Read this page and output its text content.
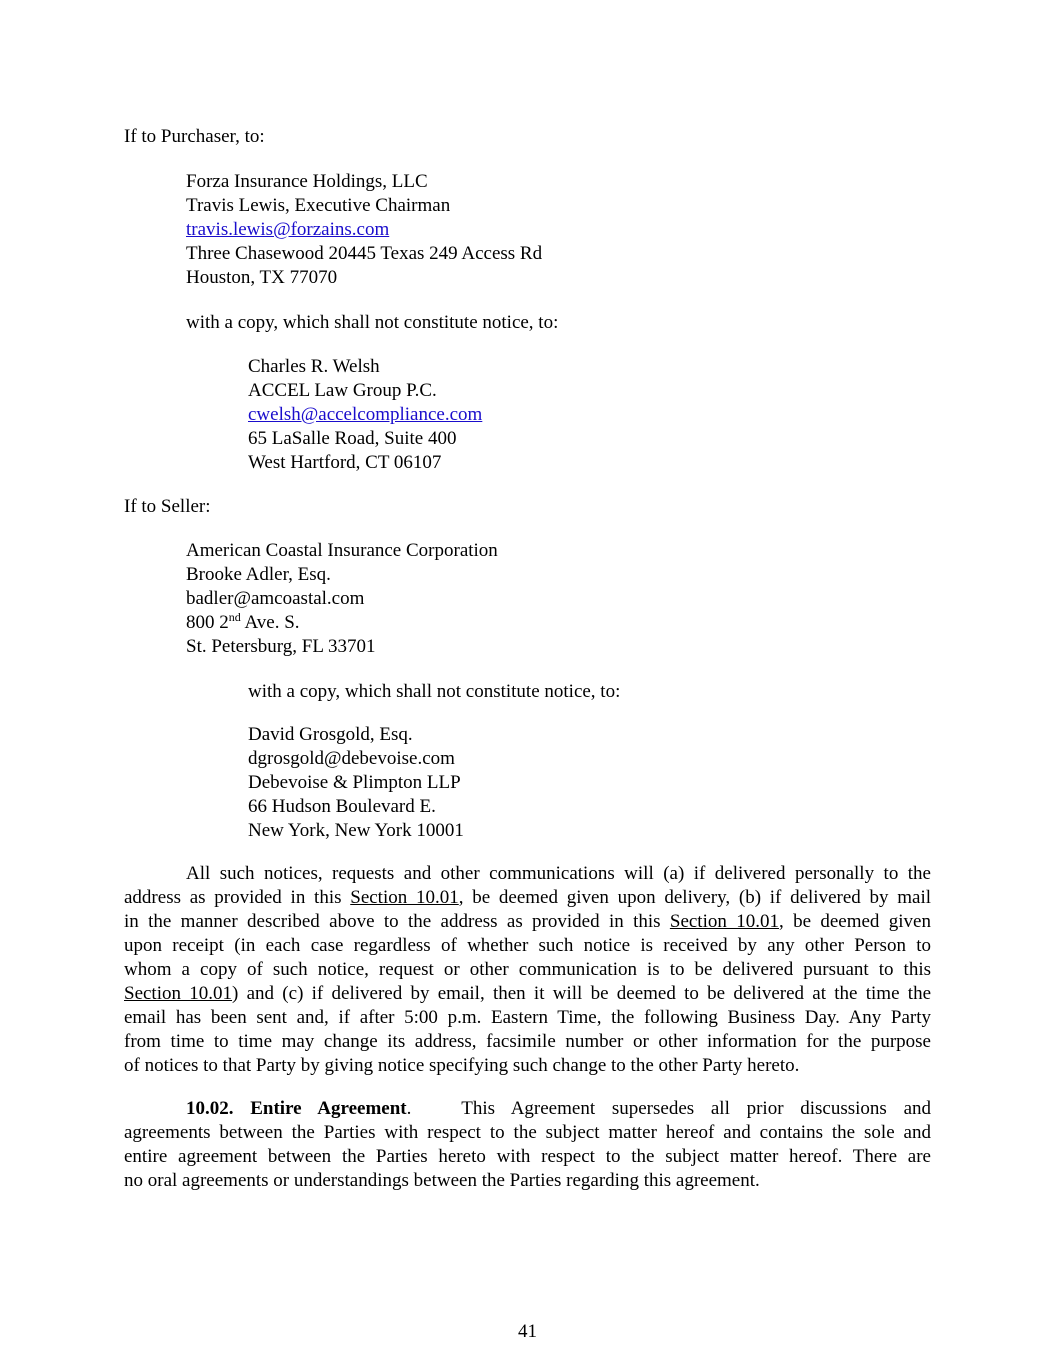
If to Purchaser, to:
Forza Insurance Holdings, LLC
Travis Lewis, Executive Chairman
travis.lewis@forzains.com
Three Chasewood 20445 Texas 249 Access Rd
Houston, TX 77070
with a copy, which shall not constitute notice, to:
Charles R. Welsh
ACCEL Law Group P.C.
cwelsh@accelcompliance.com
65 LaSalle Road, Suite 400
West Hartford, CT 06107
If to Seller:
American Coastal Insurance Corporation
Brooke Adler, Esq.
badler@amcoastal.com
800 2nd Ave. S.
St. Petersburg, FL 33701
with a copy, which shall not constitute notice, to:
David Grosgold, Esq.
dgrosgold@debevoise.com
Debevoise & Plimpton LLP
66 Hudson Boulevard E.
New York, New York 10001
All such notices, requests and other communications will (a) if delivered personally to the
address as provided in this Section 10.01, be deemed given upon delivery, (b) if delivered by mail
in the manner described above to the address as provided in this Section 10.01, be deemed given
upon receipt (in each case regardless of whether such notice is received by any other Person to
whom a copy of such notice, request or other communication is to be delivered pursuant to this
Section 10.01) and (c) if delivered by email, then it will be deemed to be delivered at the time the
email has been sent and, if after 5:00 p.m. Eastern Time, the following Business Day. Any Party
from time to time may change its address, facsimile number or other information for the purpose
of notices to that Party by giving notice specifying such change to the other Party hereto.
10.02. Entire Agreement.   This Agreement supersedes all prior discussions and
agreements between the Parties with respect to the subject matter hereof and contains the sole and
entire agreement between the Parties hereto with respect to the subject matter hereof. There are
no oral agreements or understandings between the Parties regarding this agreement.
41
